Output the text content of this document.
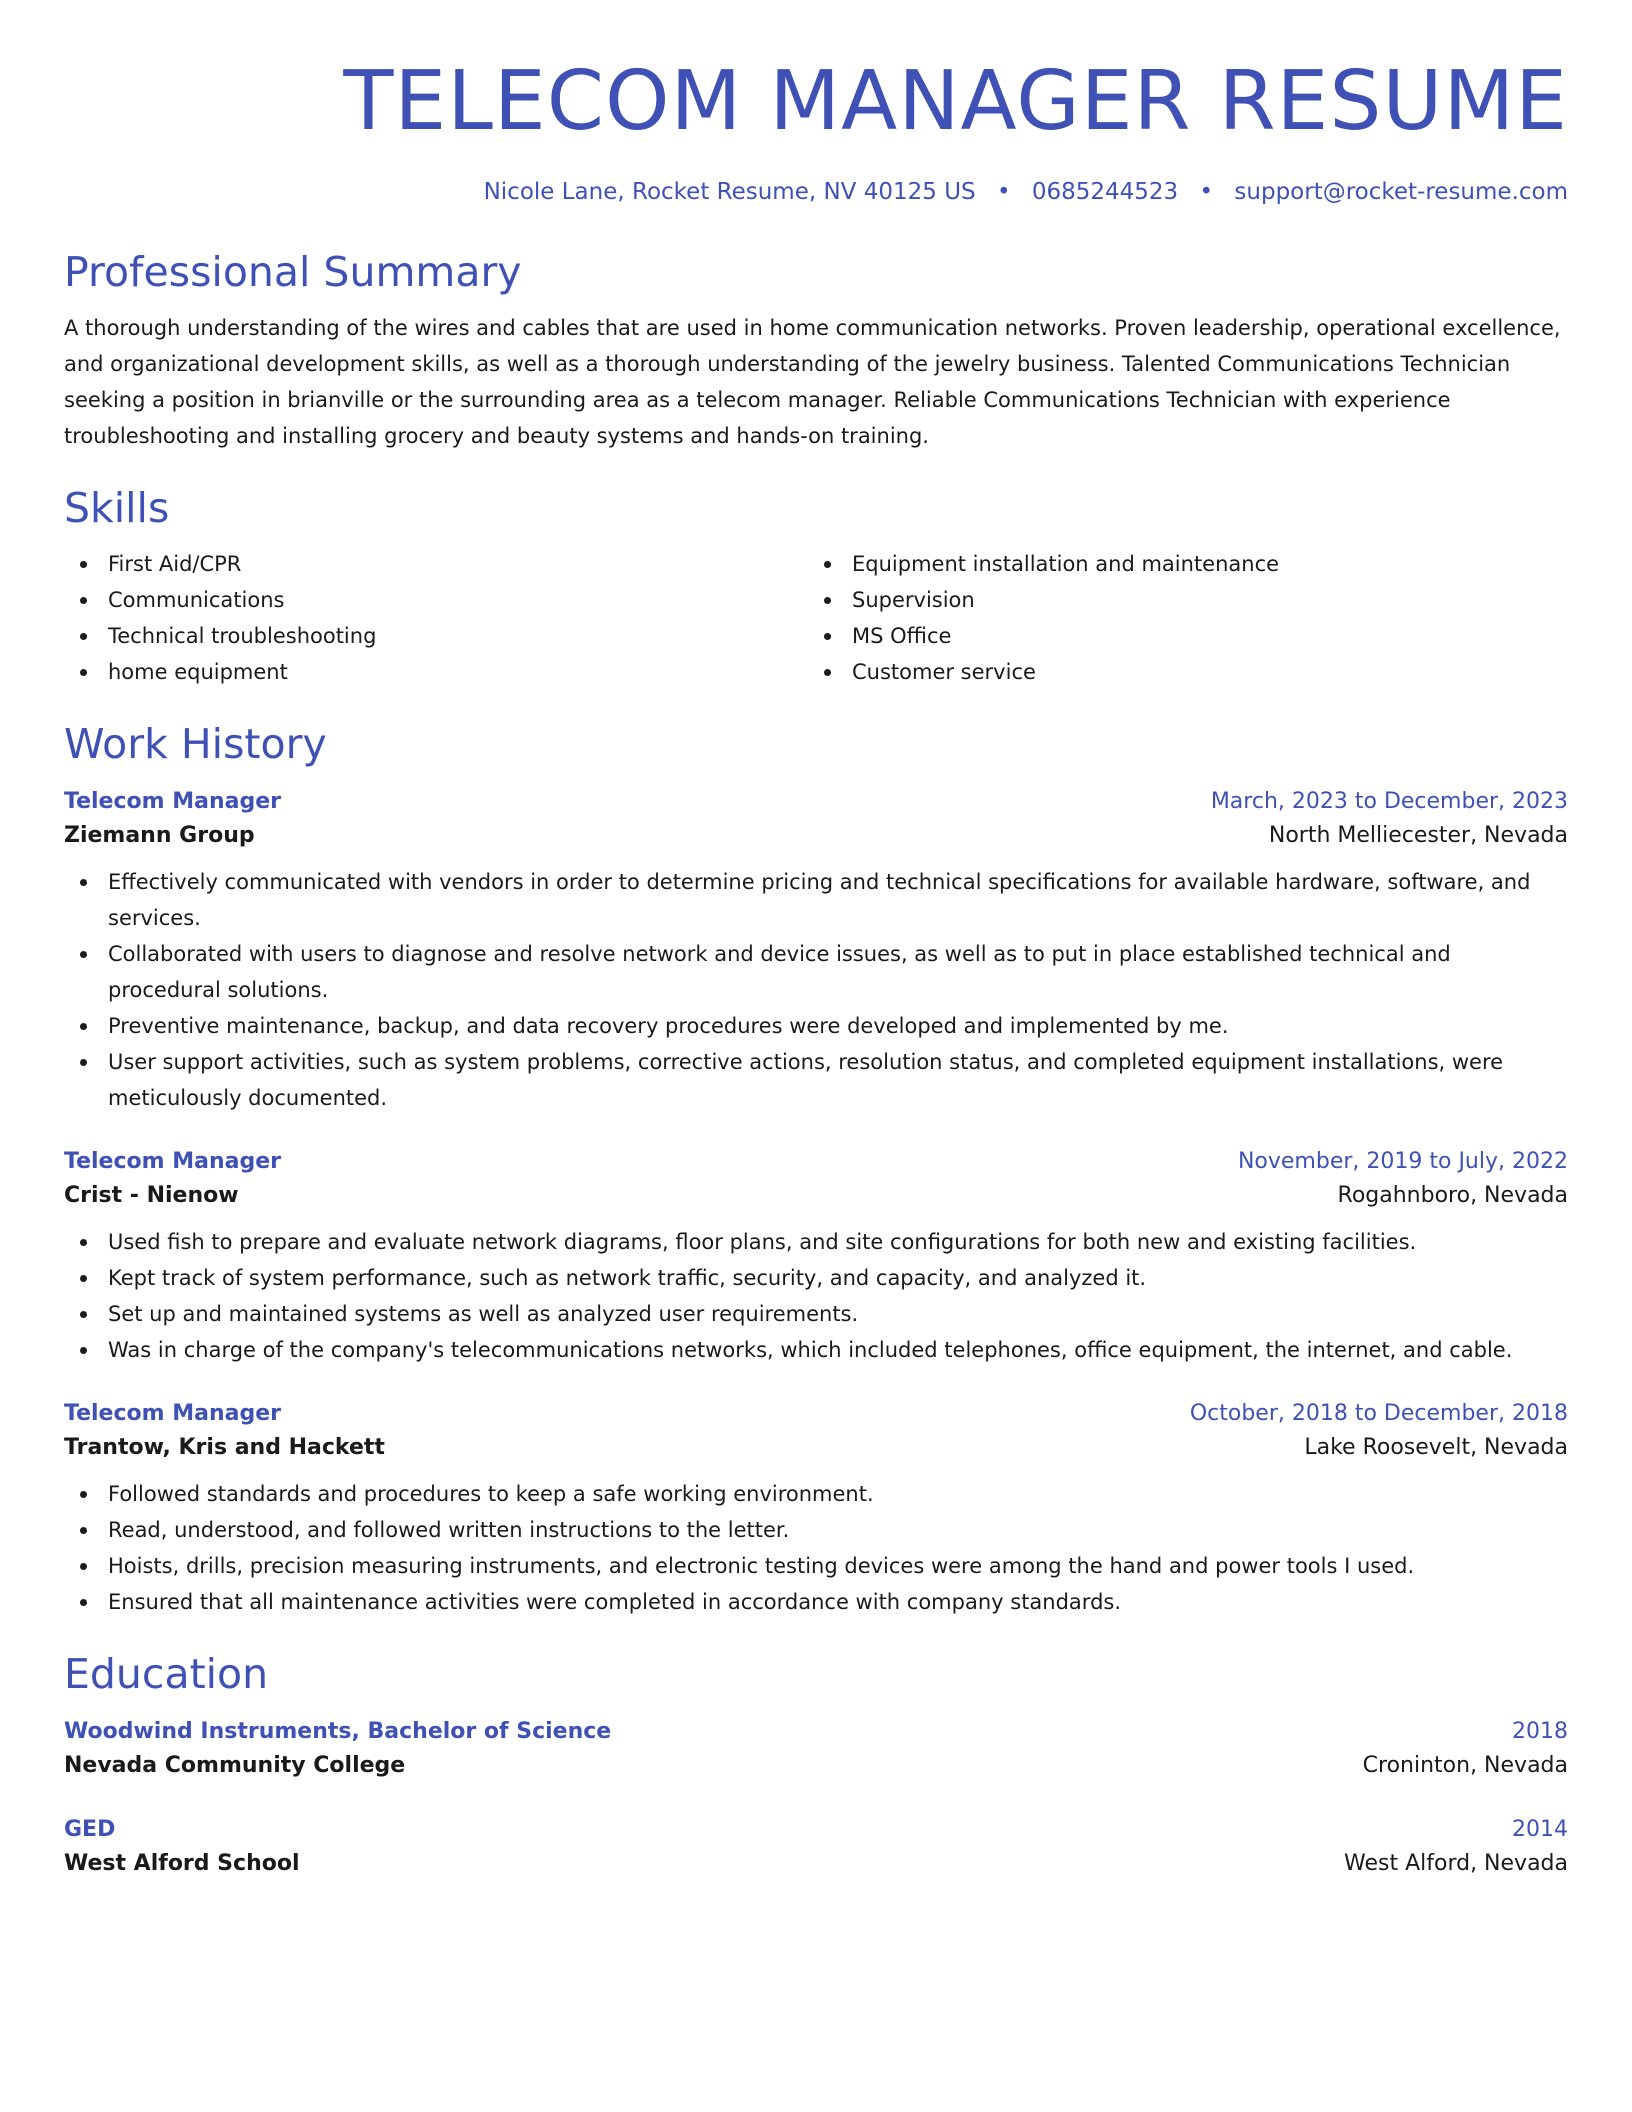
TELECOM MANAGER RESUME
Nicole Lane, Rocket Resume, NV 40125 US • 0685244523 • support@rocket-resume.com
Professional Summary

A thorough understanding of the wires and cables that are used in home communication networks. Proven leadership, operational excellence, and organizational development skills, as well as a thorough understanding of the jewelry business. Talented Communications Technician seeking a position in brianville or the surrounding area as a telecom manager. Reliable Communications Technician with experience troubleshooting and installing grocery and beauty systems and hands-on training.

Skills
First Aid/CPR
Communications
Technical troubleshooting
home equipment
Equipment installation and maintenance
Supervision
MS Office
Customer service
Work History
Telecom Manager	March, 2023 to December, 2023
Ziemann Group	North Melliecester, Nevada
Effectively communicated with vendors in order to determine pricing and technical specifications for available hardware, software, and services.
Collaborated with users to diagnose and resolve network and device issues, as well as to put in place established technical and procedural solutions.
Preventive maintenance, backup, and data recovery procedures were developed and implemented by me.
User support activities, such as system problems, corrective actions, resolution status, and completed equipment installations, were meticulously documented.
Telecom Manager	November, 2019 to July, 2022
Crist - Nienow	Rogahnboro, Nevada
Used fish to prepare and evaluate network diagrams, floor plans, and site configurations for both new and existing facilities.
Kept track of system performance, such as network traffic, security, and capacity, and analyzed it.
Set up and maintained systems as well as analyzed user requirements.
Was in charge of the company's telecommunications networks, which included telephones, office equipment, the internet, and cable.
Telecom Manager	October, 2018 to December, 2018
Trantow, Kris and Hackett	Lake Roosevelt, Nevada
Followed standards and procedures to keep a safe working environment.
Read, understood, and followed written instructions to the letter.
Hoists, drills, precision measuring instruments, and electronic testing devices were among the hand and power tools I used.
Ensured that all maintenance activities were completed in accordance with company standards.
Education
Woodwind Instruments, Bachelor of Science	2018
Nevada Community College	Croninton, Nevada
GED	2014
West Alford School	West Alford, Nevada
